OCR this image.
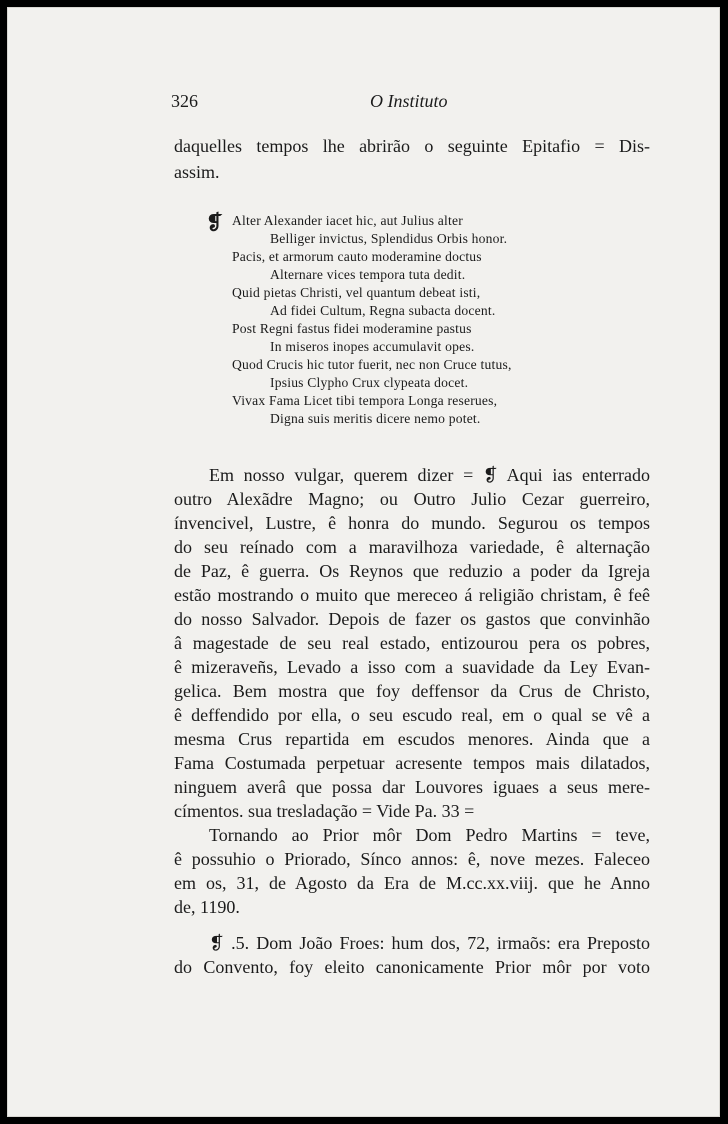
326	O Instituto
daquelles tempos lhe abrirão o seguinte Epitafio = Dis-
assim.
❡ Alter Alexander iacet hic, aut Julius alter
Belliger invictus, Splendidus Orbis honor.
Pacis, et armorum cauto moderamine doctus
Alternare vices tempora tuta dedit.
Quid pietas Christi, vel quantum debeat isti,
Ad fidei Cultum, Regna subacta docent.
Post Regni fastus fidei moderamine pastus
In miseros inopes accumulavit opes.
Quod Crucis hic tutor fuerit, nec non Cruce tutus,
Ipsius Clypho Crux clypeata docet.
Vivax Fama Licet tibi tempora Longa reserues,
Digna suis meritis dicere nemo potet.
Em nosso vulgar, querem dizer = ❡ Aqui ias enterrado
outro Alexãdre Magno; ou Outro Julio Cezar guerreiro,
ínvencivel, Lustre, ê honra do mundo. Segurou os tempos
do seu reínado com a maravilhoza variedade, ê alternação
de Paz, ê guerra. Os Reynos que reduzio a poder da Igreja
estão mostrando o muito que mereceo á religião christam, ê feê
do nosso Salvador. Depois de fazer os gastos que convinhão
â magestade de seu real estado, entizourou pera os pobres,
ê mizeraveñs, Levado a isso com a suavidade da Ley Evan-
gelica. Bem mostra que foy deffensor da Crus de Christo,
ê deffendido por ella, o seu escudo real, em o qual se vê a
mesma Crus repartida em escudos menores. Ainda que a
Fama Costumada perpetuar acresente tempos mais dilatados,
ninguem averâ que possa dar Louvores iguaes a seus mere-
címentos. sua tresladação = Vide Pa. 33 =
Tornando ao Prior môr Dom Pedro Martins = teve,
ê possuhio o Priorado, Sínco annos: ê, nove mezes. Faleceo
em os, 31, de Agosto da Era de M.cc.xx.viij. que he Anno
de, 1190.
❡ .5. Dom João Froes: hum dos, 72, irmaõs: era Preposto
do Convento, foy eleito canonicamente Prior môr por voto
